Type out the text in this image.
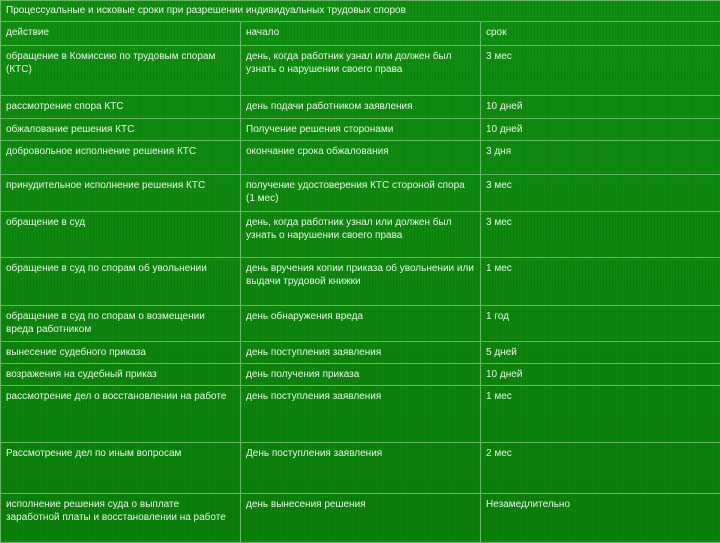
Процессуальные и исковые сроки при разрешении индивидуальных трудовых споров		
действие	начало	срок
обращение в Комиссию по трудовым спорам (КТС)	день, когда работник узнал или должен был узнать о нарушении своего права	3 мес
рассмотрение спора КТС	день подачи работником заявления	10 дней
обжалование решения КТС	Получение решения сторонами	10 дней
добровольное исполнение решения КТС	окончание срока обжалования	3 дня
принудительное исполнение решения КТС	получение удостоверения КТС стороной спора (1 мес)	3 мес
обращение в суд	день, когда работник узнал или должен был узнать о нарушении своего права	3 мес
обращение в суд по спорам об увольнении	день вручения копии приказа об увольнении или выдачи трудовой книжки	1 мес
обращение в суд по спорам о возмещении вреда работником	день обнаружения вреда	1 год
вынесение судебного приказа	день поступления заявления	5 дней
возражения на судебный приказ	день получения приказа	10 дней
рассмотрение дел о восстановлении на работе	день поступления заявления	1 мес
Рассмотрение дел по иным вопросам	День поступления заявления	2 мес
исполнение решения суда о выплате заработной платы и восстановлении на работе	день вынесения решения	Незамедлительно
